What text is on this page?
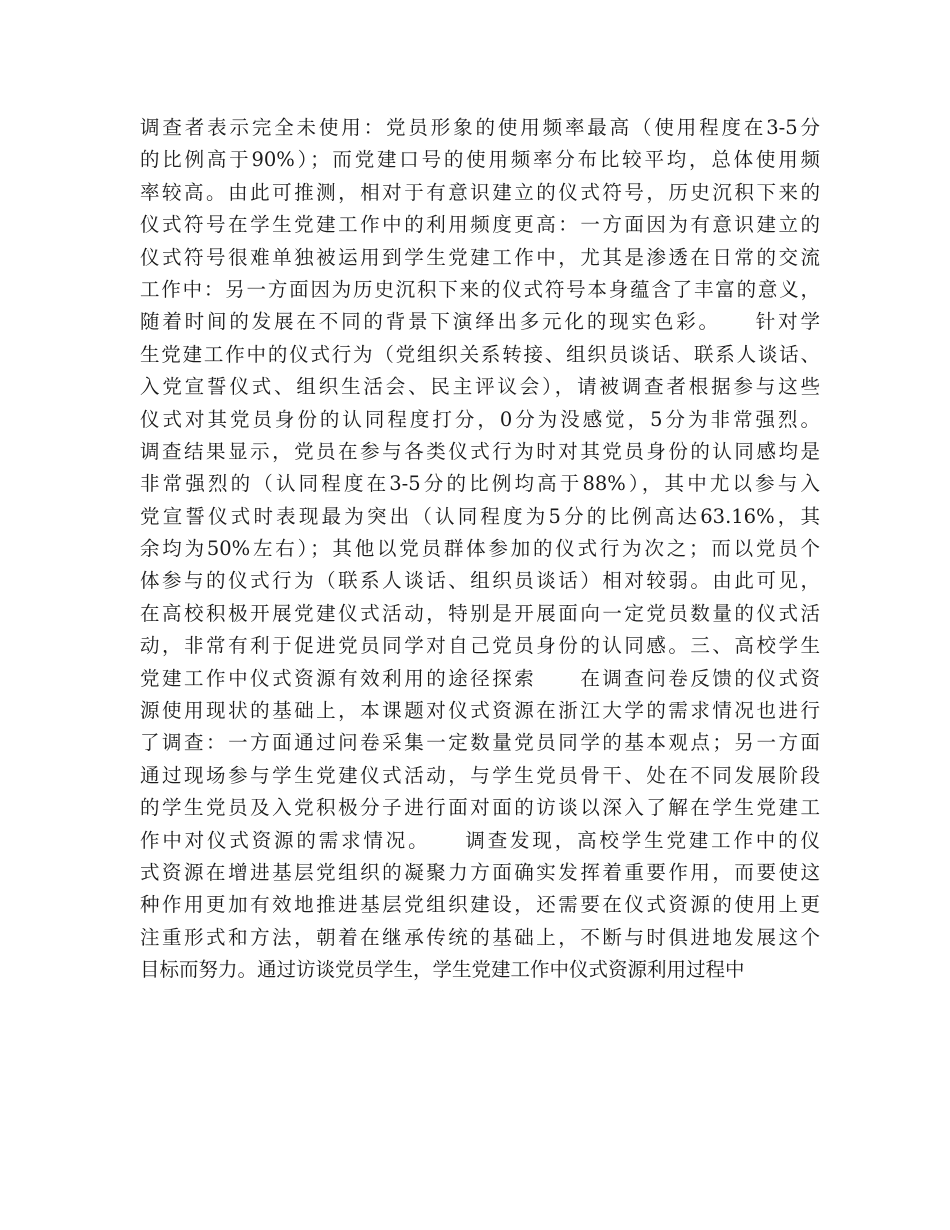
调查者表示完全未使用：党员形象的使用频率最高（使用程度在3-5分
的比例高于90%）；而党建口号的使用频率分布比较平均，总体使用频
率较高。由此可推测，相对于有意识建立的仪式符号，历史沉积下来的
仪式符号在学生党建工作中的利用频度更高：一方面因为有意识建立的
仪式符号很难单独被运用到学生党建工作中，尤其是渗透在日常的交流
工作中：另一方面因为历史沉积下来的仪式符号本身蕴含了丰富的意义，
随着时间的发展在不同的背景下演绎出多元化的现实色彩。　　针对学
生党建工作中的仪式行为（党组织关系转接、组织员谈话、联系人谈话、
入党宣誓仪式、组织生活会、民主评议会），请被调查者根据参与这些
仪式对其党员身份的认同程度打分，0分为没感觉，5分为非常强烈。
调查结果显示，党员在参与各类仪式行为时对其党员身份的认同感均是
非常强烈的（认同程度在3-5分的比例均高于88%），其中尤以参与入
党宣誓仪式时表现最为突出（认同程度为5分的比例高达63.16%，其
余均为50%左右）；其他以党员群体参加的仪式行为次之；而以党员个
体参与的仪式行为（联系人谈话、组织员谈话）相对较弱。由此可见，
在高校积极开展党建仪式活动，特别是开展面向一定党员数量的仪式活
动，非常有利于促进党员同学对自己党员身份的认同感。三、高校学生
党建工作中仪式资源有效利用的途径探索　　在调查问卷反馈的仪式资
源使用现状的基础上，本课题对仪式资源在浙江大学的需求情况也进行
了调查：一方面通过问卷采集一定数量党员同学的基本观点；另一方面
通过现场参与学生党建仪式活动，与学生党员骨干、处在不同发展阶段
的学生党员及入党积极分子进行面对面的访谈以深入了解在学生党建工
作中对仪式资源的需求情况。　　调查发现，高校学生党建工作中的仪
式资源在增进基层党组织的凝聚力方面确实发挥着重要作用，而要使这
种作用更加有效地推进基层党组织建设，还需要在仪式资源的使用上更
注重形式和方法，朝着在继承传统的基础上，不断与时俱进地发展这个
目标而努力。通过访谈党员学生，学生党建工作中仪式资源利用过程中
